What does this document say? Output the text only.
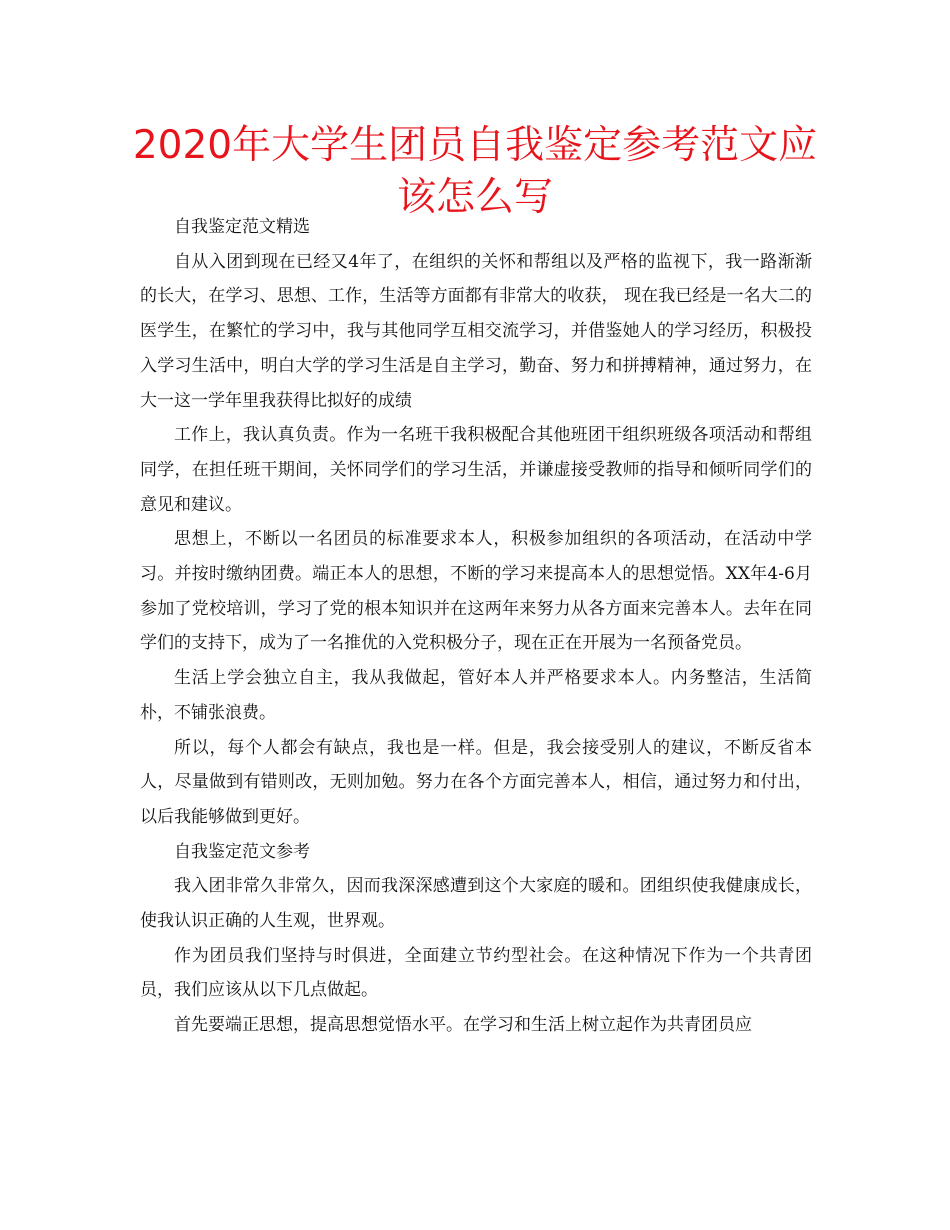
2020年大学生团员自我鉴定参考范文应该怎么写

自我鉴定范文精选

自从入团到现在已经又4年了，在组织的关怀和帮组以及严格的监视下，我一路渐渐的长大，在学习、思想、工作，生活等方面都有非常大的收获， 现在我已经是一名大二的医学生，在繁忙的学习中，我与其他同学互相交流学习，并借鉴她人的学习经历，积极投入学习生活中，明白大学的学习生活是自主学习，勤奋、努力和拼搏精神，通过努力，在大一这一学年里我获得比拟好的成绩

工作上，我认真负责。作为一名班干我积极配合其他班团干组织班级各项活动和帮组同学，在担任班干期间，关怀同学们的学习生活，并谦虚接受教师的指导和倾听同学们的意见和建议。

思想上，不断以一名团员的标准要求本人，积极参加组织的各项活动，在活动中学习。并按时缴纳团费。端正本人的思想，不断的学习来提高本人的思想觉悟。XX年4-6月参加了党校培训，学习了党的根本知识并在这两年来努力从各方面来完善本人。去年在同学们的支持下，成为了一名推优的入党积极分子，现在正在开展为一名预备党员。

生活上学会独立自主，我从我做起，管好本人并严格要求本人。内务整洁，生活简朴，不铺张浪费。

所以，每个人都会有缺点，我也是一样。但是，我会接受别人的建议，不断反省本人，尽量做到有错则改，无则加勉。努力在各个方面完善本人，相信，通过努力和付出，以后我能够做到更好。

自我鉴定范文参考

我入团非常久非常久，因而我深深感遭到这个大家庭的暖和。团组织使我健康成长，使我认识正确的人生观，世界观。

作为团员我们坚持与时俱进，全面建立节约型社会。在这种情况下作为一个共青团员，我们应该从以下几点做起。

首先要端正思想，提高思想觉悟水平。在学习和生活上树立起作为共青团员应
